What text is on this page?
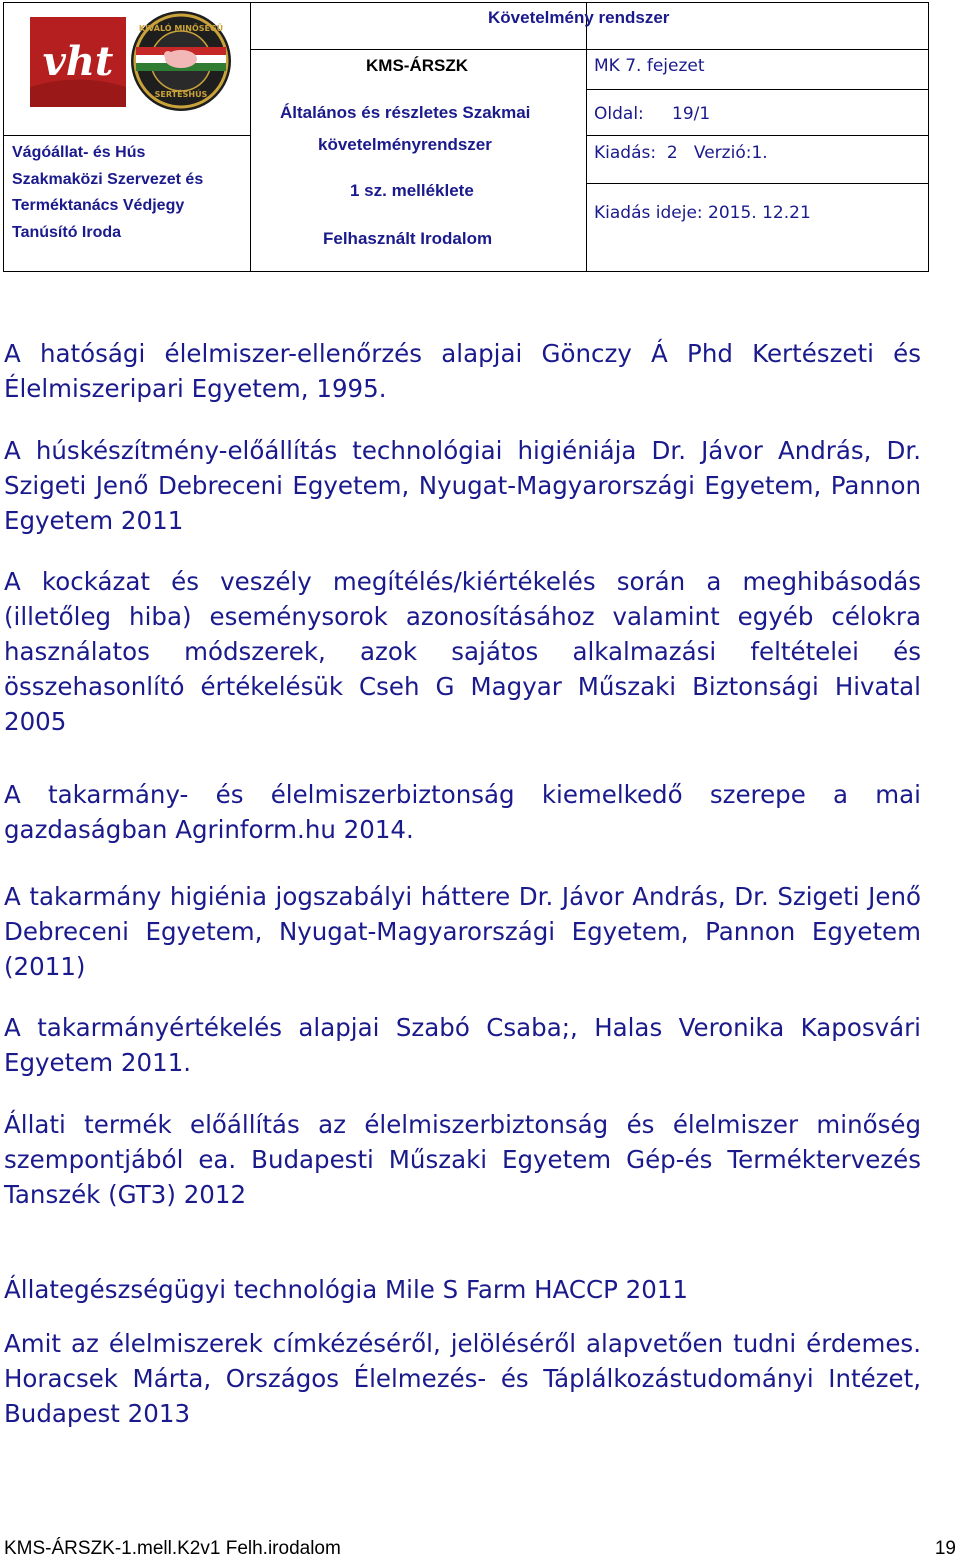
vht
KIVÁLÓ MINŐSÉGŰ
SERTÉSHÚS
Vágóállat- és Hús
Szakmaközi Szervezet és
Terméktanács Védjegy
Tanúsító Iroda
Követelmény rendszer
KMS-ÁRSZK
Általános és részletes Szakmai
követelményrendszer
1 sz. melléklete
Felhasznált Irodalom
MK 7. fejezet
Oldal: 19/1
Kiadás:  2   Verzió:1.
Kiadás ideje: 2015. 12.21

A hatósági élelmiszer-ellenőrzés alapjai Gönczy Á Phd Kertészeti és Élelmiszeripari Egyetem, 1995.

A húskészítmény-előállítás technológiai higiéniája Dr. Jávor András, Dr. Szigeti Jenő Debreceni Egyetem, Nyugat-Magyarországi Egyetem, Pannon Egyetem 2011

A kockázat és veszély megítélés/kiértékelés során a meghibásodás (illetőleg hiba) eseménysorok azonosításához valamint egyéb célokra használatos módszerek, azok sajátos alkalmazási feltételei és összehasonlító értékelésük Cseh G Magyar Műszaki Biztonsági Hivatal 2005

A takarmány- és élelmiszerbiztonság kiemelkedő szerepe a mai gazdaságban Agrinform.hu 2014.

A takarmány higiénia jogszabályi háttere Dr. Jávor András, Dr. Szigeti Jenő Debreceni Egyetem, Nyugat-Magyarországi Egyetem, Pannon Egyetem (2011)

A takarmányértékelés alapjai Szabó Csaba;, Halas Veronika Kaposvári Egyetem 2011.

Állati termék előállítás az élelmiszerbiztonság és élelmiszer minőség szempontjából ea. Budapesti Műszaki Egyetem Gép-és Terméktervezés Tanszék (GT3) 2012

Állategészségügyi technológia Mile S Farm HACCP 2011

Amit az élelmiszerek címkézéséről, jelöléséről alapvetően tudni érdemes. Horacsek Márta, Országos Élelmezés- és Táplálkozástudományi Intézet, Budapest 2013

KMS-ÁRSZK-1.mell.K2v1 Felh.irodalom	19
